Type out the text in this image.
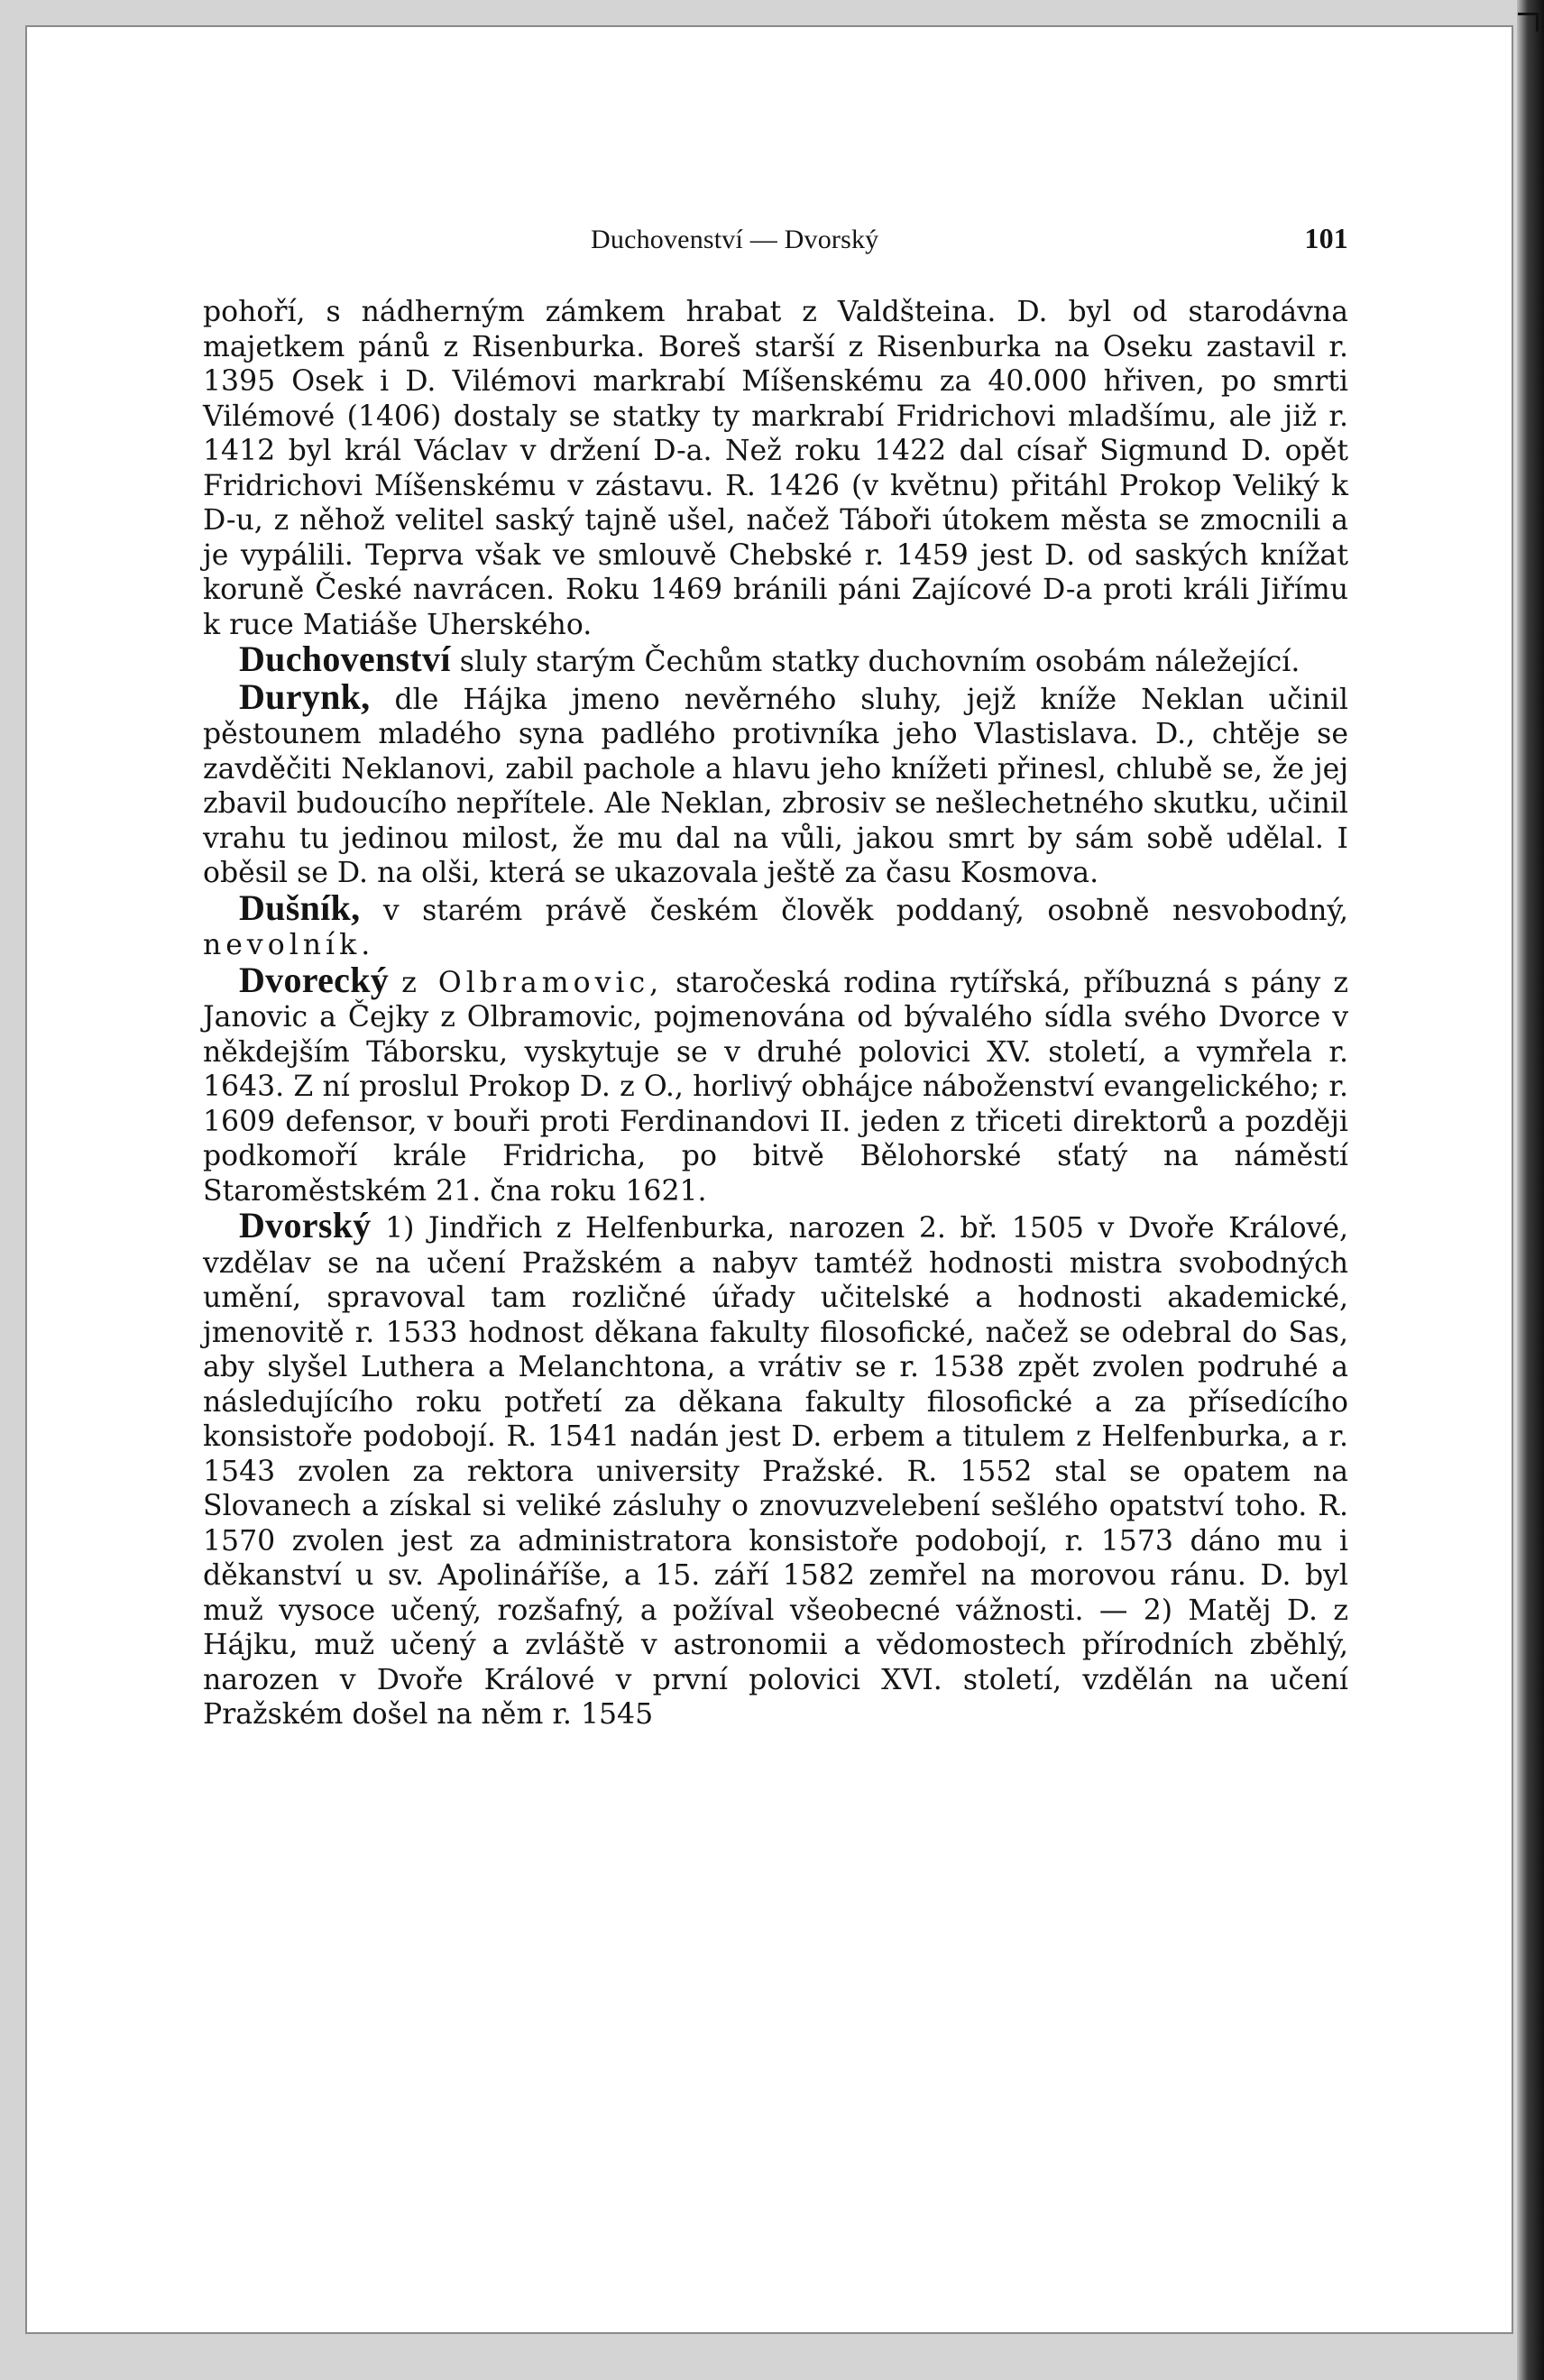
Duchovenství — Dvorský	101

pohoří, s nádherným zámkem hrabat z Valdšteina. D. byl od starodávna majetkem pánů z Risenburka. Boreš starší z Risenburka na Oseku zastavil r. 1395 Osek i D. Vilémovi markrabí Míšenskému za 40.000 hřiven, po smrti Vilémové (1406) dostaly se statky ty markrabí Fridrichovi mladšímu, ale již r. 1412 byl král Václav v držení D-a. Než roku 1422 dal císař Sigmund D. opět Fridrichovi Míšenskému v zástavu. R. 1426 (v květnu) přitáhl Prokop Veliký k D-u, z něhož velitel saský tajně ušel, načež Táboři útokem města se zmocnili a je vypálili. Teprva však ve smlouvě Chebské r. 1459 jest D. od saských knížat koruně České navrácen. Roku 1469 bránili páni Zajícové D-a proti králi Jiřímu k ruce Matiáše Uherského.

Duchovenství sluly starým Čechům statky duchovním osobám náležející.

Durynk, dle Hájka jmeno nevěrného sluhy, jejž kníže Neklan učinil pěstounem mladého syna padlého protivníka jeho Vlastislava. D., chtěje se zavděčiti Neklanovi, zabil pachole a hlavu jeho knížeti přinesl, chlubě se, že jej zbavil budoucího nepřítele. Ale Neklan, zbrosiv se nešlechetného skutku, učinil vrahu tu jedinou milost, že mu dal na vůli, jakou smrt by sám sobě udělal. I oběsil se D. na olši, která se ukazovala ještě za času Kosmova.

Dušník, v starém právě českém člověk poddaný, osobně nesvobodný, nevolník.

Dvorecký z Olbramovic, staročeská rodina rytířská, příbuzná s pány z Janovic a Čejky z Olbramovic, pojmenována od bývalého sídla svého Dvorce v někdejším Táborsku, vyskytuje se v druhé polovici XV. století, a vymřela r. 1643. Z ní proslul Prokop D. z O., horlivý obhájce náboženství evangelického; r. 1609 defensor, v bouři proti Ferdinandovi II. jeden z třiceti direktorů a později podkomoří krále Fridricha, po bitvě Bělohorské sťatý na náměstí Staroměstském 21. čna roku 1621.

Dvorský 1) Jindřich z Helfenburka, narozen 2. bř. 1505 v Dvoře Králové, vzdělav se na učení Pražském a nabyv tamtéž hodnosti mistra svobodných umění, spravoval tam rozličné úřady učitelské a hodnosti akademické, jmenovitě r. 1533 hodnost děkana fakulty filosofické, načež se odebral do Sas, aby slyšel Luthera a Melanchtona, a vrátiv se r. 1538 zpět zvolen podruhé a následujícího roku potřetí za děkana fakulty filosofické a za přísedícího konsistoře podobojí. R. 1541 nadán jest D. erbem a titulem z Helfenburka, a r. 1543 zvolen za rektora university Pražské. R. 1552 stal se opatem na Slovanech a získal si veliké zásluhy o znovuzvelebení sešlého opatství toho. R. 1570 zvolen jest za administratora konsistoře podobojí, r. 1573 dáno mu i děkanství u sv. Apolináříše, a 15. září 1582 zemřel na morovou ránu. D. byl muž vysoce učený, rozšafný, a požíval všeobecné vážnosti. — 2) Matěj D. z Hájku, muž učený a zvláště v astronomii a vědomostech přírodních zběhlý, narozen v Dvoře Králové v první polovici XVI. století, vzdělán na učení Pražském došel na něm r. 1545
